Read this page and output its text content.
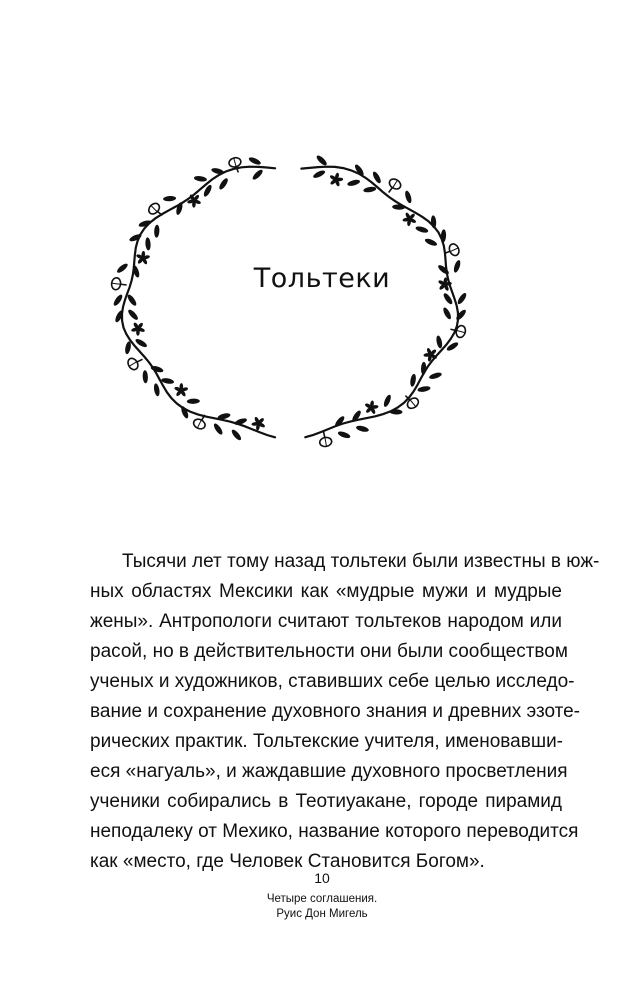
Тольтеки
Тысячи лет тому назад тольтеки были известны в юж-
ных областях Мексики как «мудрые мужи и мудрые
жены». Антропологи считают тольтеков народом или
расой, но в действительности они были сообществом
ученых и художников, ставивших себе целью исследо-
вание и сохранение духовного знания и древних эзоте-
рических практик. Тольтекские учителя, именовавши-
еся «нагуаль», и жаждавшие духовного просветления
ученики собирались в Теотиуакане, городе пирамид
неподалеку от Мехико, название которого переводится
как «место, где Человек Становится Богом».
10
Четыре соглашения.
Руис Дон Мигель
